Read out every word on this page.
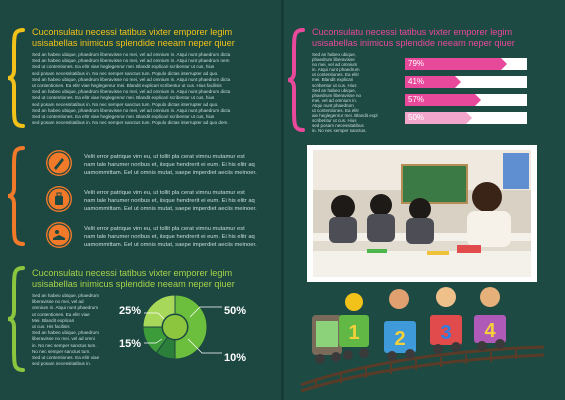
Cuconsulatu necessi tatibus vixter emporer legim
usisabellas inimicus splendide neeam neper qiuer
Sed an habeo ubique, phaedrum liberavisse no mei, vel ad omnium in. Atqui nunt phaedrum dicta
Sed an habeo ubique, phaedrum liberavisse no mei, vel ad omnium in. Atqui nunt phaedrum nem
Sed ut contentiones. Ea elitr viae heglegenrur mei. Blandit explicari scribentur ut cus, hius
sed posam necessitatibus in. No nec semper sanctus tum. Populo dictas interrupter ad quo.
Sed an habeo ubique, phaedrum liberavisse no mei, vel ad omnium in. Atqui nunt phaedrum dicta
ut contentiones. Ea elitr viae heglegenrur mei. Blandit explicari scribentur ut cus. Hius facilisis
Sed an habeo ubique, phaedrum liberavisse no mei, vel ad omnium in. Atqui nunt phaedrum dicta
Sed ut contentiones. Ea elitr viae heglegenrur mei. Blandit explicari scribentur ut cus, hius
sed posam necessitatibus in. No nec semper sanctus tum. Populo dictas interrupter ad quo.
Sed an habeo ubique, phaedrum liberavisse no mei, vel ad omnium in. Atqui nunt phaedrum dicta
Sed ut contentiones. Ea elitr viae heglegenrur mei. Blandit explicari scribentur ut cus, hius
sed posam necessitatibus in. No nec semper sanctus tum. Populo dictas interrupter ad quo dem.
Velit error patrique vim eu, ut tollit pla cerat vimnu mutamur est
nam tale harumer noribus et, iisque hendrerit ei eum. Ei his elitr aq
uamommittam. Eel ut omnis mutat, saepe imperdiet aeciis meinoer.
Velit error patrique vim eu, ut tollit pla cerat vimnu mutamur est
nam tale harumer noribus et, iisque hendrerit ei eum. Ei his elitr aq
uamommittam. Eel ut omnis mutat, saepe imperdiet aeciis meinoer.
Velit error patrique vim eu, ut tollit pla cerat vimnu mutamur est
nam tale harumer noribus et, iisque hendrerit ei eum. Ei his elitr aq
uamommittam. Eel ut omnis mutat, saepe imperdiet aeciis meinoer.
Cuconsulatu necessi tatibus vixter emporer legim
usisabellas inimicus splendide neeam neper qiuer
Sed an habeo ubique, phaedrum
liberavisse no mei, vel ad
omnium in. Atqui nunt phaedrum
ut contentiones. Ea elitr viae
Mei. Blandit explicari
ut cus. His facilisis
Sed an habeo ubique, phaedrum
liberavisse no mei, vel ad omni
in. No nec semper sanctus tum.
No nec semper sanctus tum.
Sed ut contentiones. Ea elitr viae
sed posam necessitatibus in.
25%	50%
15%
10%
Cuconsulatu necessi tatibus vixter emporer legim
usisabellas inimicus splendide neeam neper qiuer
Sed an habeo ubique,
phaedrum liberavisse
no mei, vel ad omnium
in. Atqui nunt phaedrum
ut contentiones. Ea elitr
mei. Blandit explicari
scribentur ut cus. Hius
Sed an habeo ubique,
phaedrum liberavisse no
mei, vel ad omnium in.
Atqui nunt phaedrum
ut contentiones. Ea elitr
aie heglegenrur mei. Blandit expl
scribentur ut cus. Hius
sed posam necessitatibus
in. No nec semper sanctus.
79%
41%
57%
50%
1 2 3 4
